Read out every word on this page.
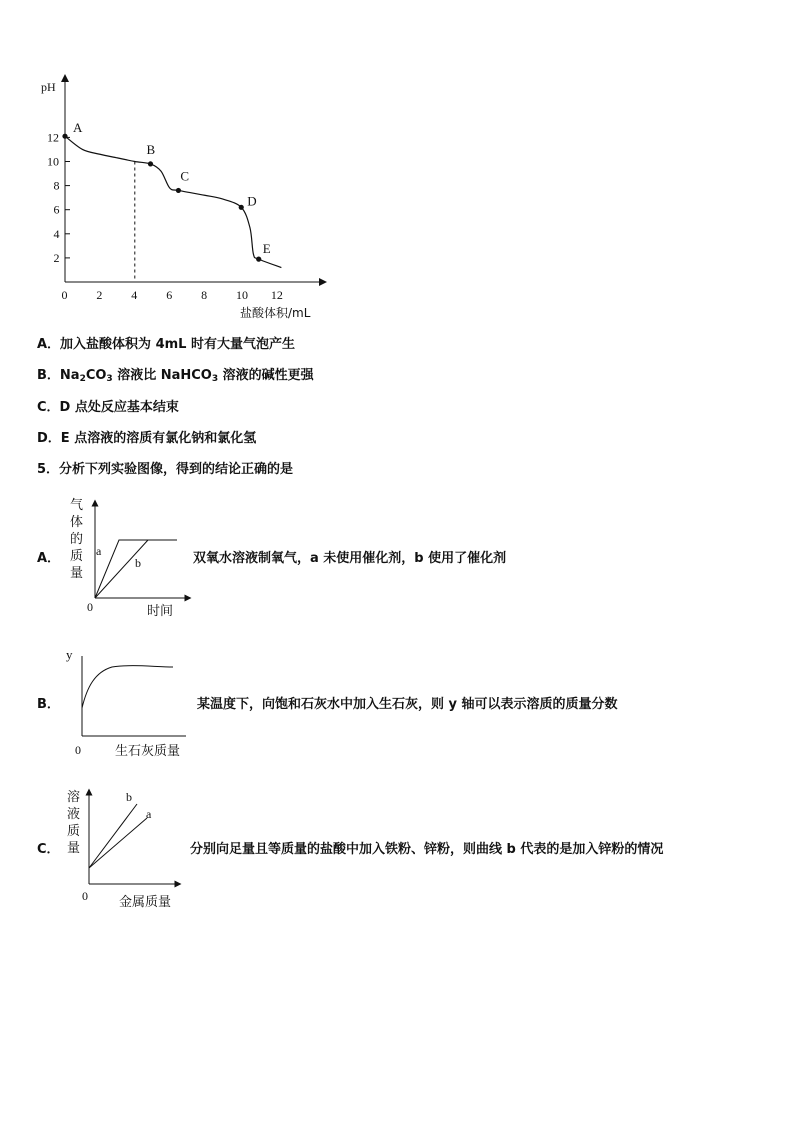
pH
盐酸体积/mL
0 2 4 6 8 10 12
2
4
6
8
10
12
A
B
C
D
E
A．加入盐酸体积为 4mL 时有大量气泡产生
B．$Na_2CO_3$ 溶液比 NaHCO$_3$ 溶液的碱性更强
C．D 点处反应基本结束
D．E 点溶液的溶质有氯化钠和氯化氢
5．分析下列实验图像，得到的结论正确的是
A．
气
体
的
质
量
a
b
0	时间
双氧水溶液制氧气，a 未使用催化剂，b 使用了催化剂
B．
y
0	生石灰质量
某温度下，向饱和石灰水中加入生石灰，则 y 轴可以表示溶质的质量分数
C．
溶
液
质
量
b
a
0 金属质量
分别向足量且等质量的盐酸中加入铁粉、锌粉，则曲线 b 代表的是加入锌粉的情况
